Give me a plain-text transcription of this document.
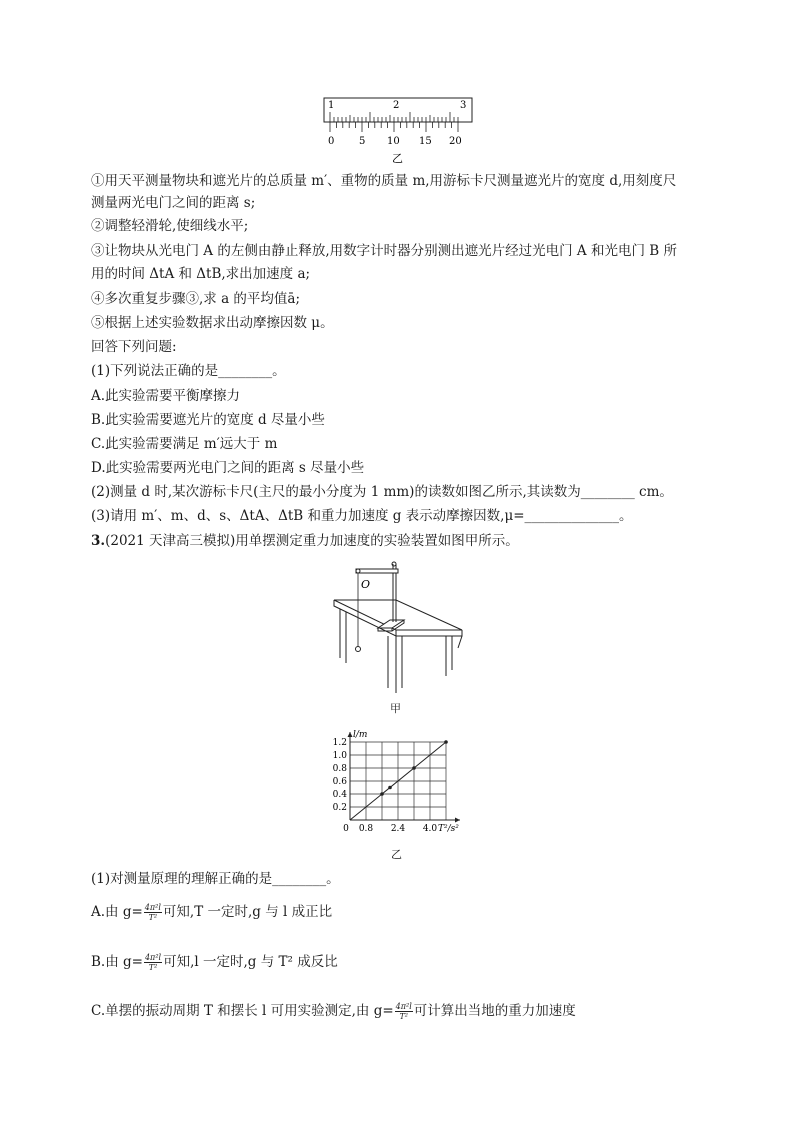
1	2	3
0 5 10 15 20
乙
①用天平测量物块和遮光片的总质量 m′、重物的质量 m,用游标卡尺测量遮光片的宽度 d,用刻度尺
测量两光电门之间的距离 s;
②调整轻滑轮,使细线水平;
③让物块从光电门 A 的左侧由静止释放,用数字计时器分别测出遮光片经过光电门 A 和光电门 B 所
用的时间 ΔtA 和 ΔtB,求出加速度 a;
④多次重复步骤③,求 a 的平均值ā;
⑤根据上述实验数据求出动摩擦因数 μ。
回答下列问题:
(1)下列说法正确的是________。
A.此实验需要平衡摩擦力
B.此实验需要遮光片的宽度 d 尽量小些
C.此实验需要满足 m′远大于 m
D.此实验需要两光电门之间的距离 s 尽量小些
(2)测量 d 时,某次游标卡尺(主尺的最小分度为 1 mm)的读数如图乙所示,其读数为________ cm。
(3)请用 m′、m、d、s、ΔtA、ΔtB 和重力加速度 g 表示动摩擦因数,μ=______________。
3.(2021 天津高三模拟)用单摆测定重力加速度的实验装置如图甲所示。
O
甲
0.2
0.4
0.6
0.8
1.0
1.2
0 0.8 2.4 4.0
l/m
T²/s²
乙
(1)对测量原理的理解正确的是________。
A.由 $g= \frac{\text{4π²l}}{\text{T²}}$ 可知,T 一定时,g 与 l 成正比
B.由 $g= \frac{\text{4π²l}}{\text{T²}}$ 可知,l 一定时,g 与 T² 成反比
C.单摆的振动周期 T 和摆长 l 可用实验测定,由 $g= \frac{\text{4π²l}}{\text{T²}}$ 可计算出当地的重力加速度
